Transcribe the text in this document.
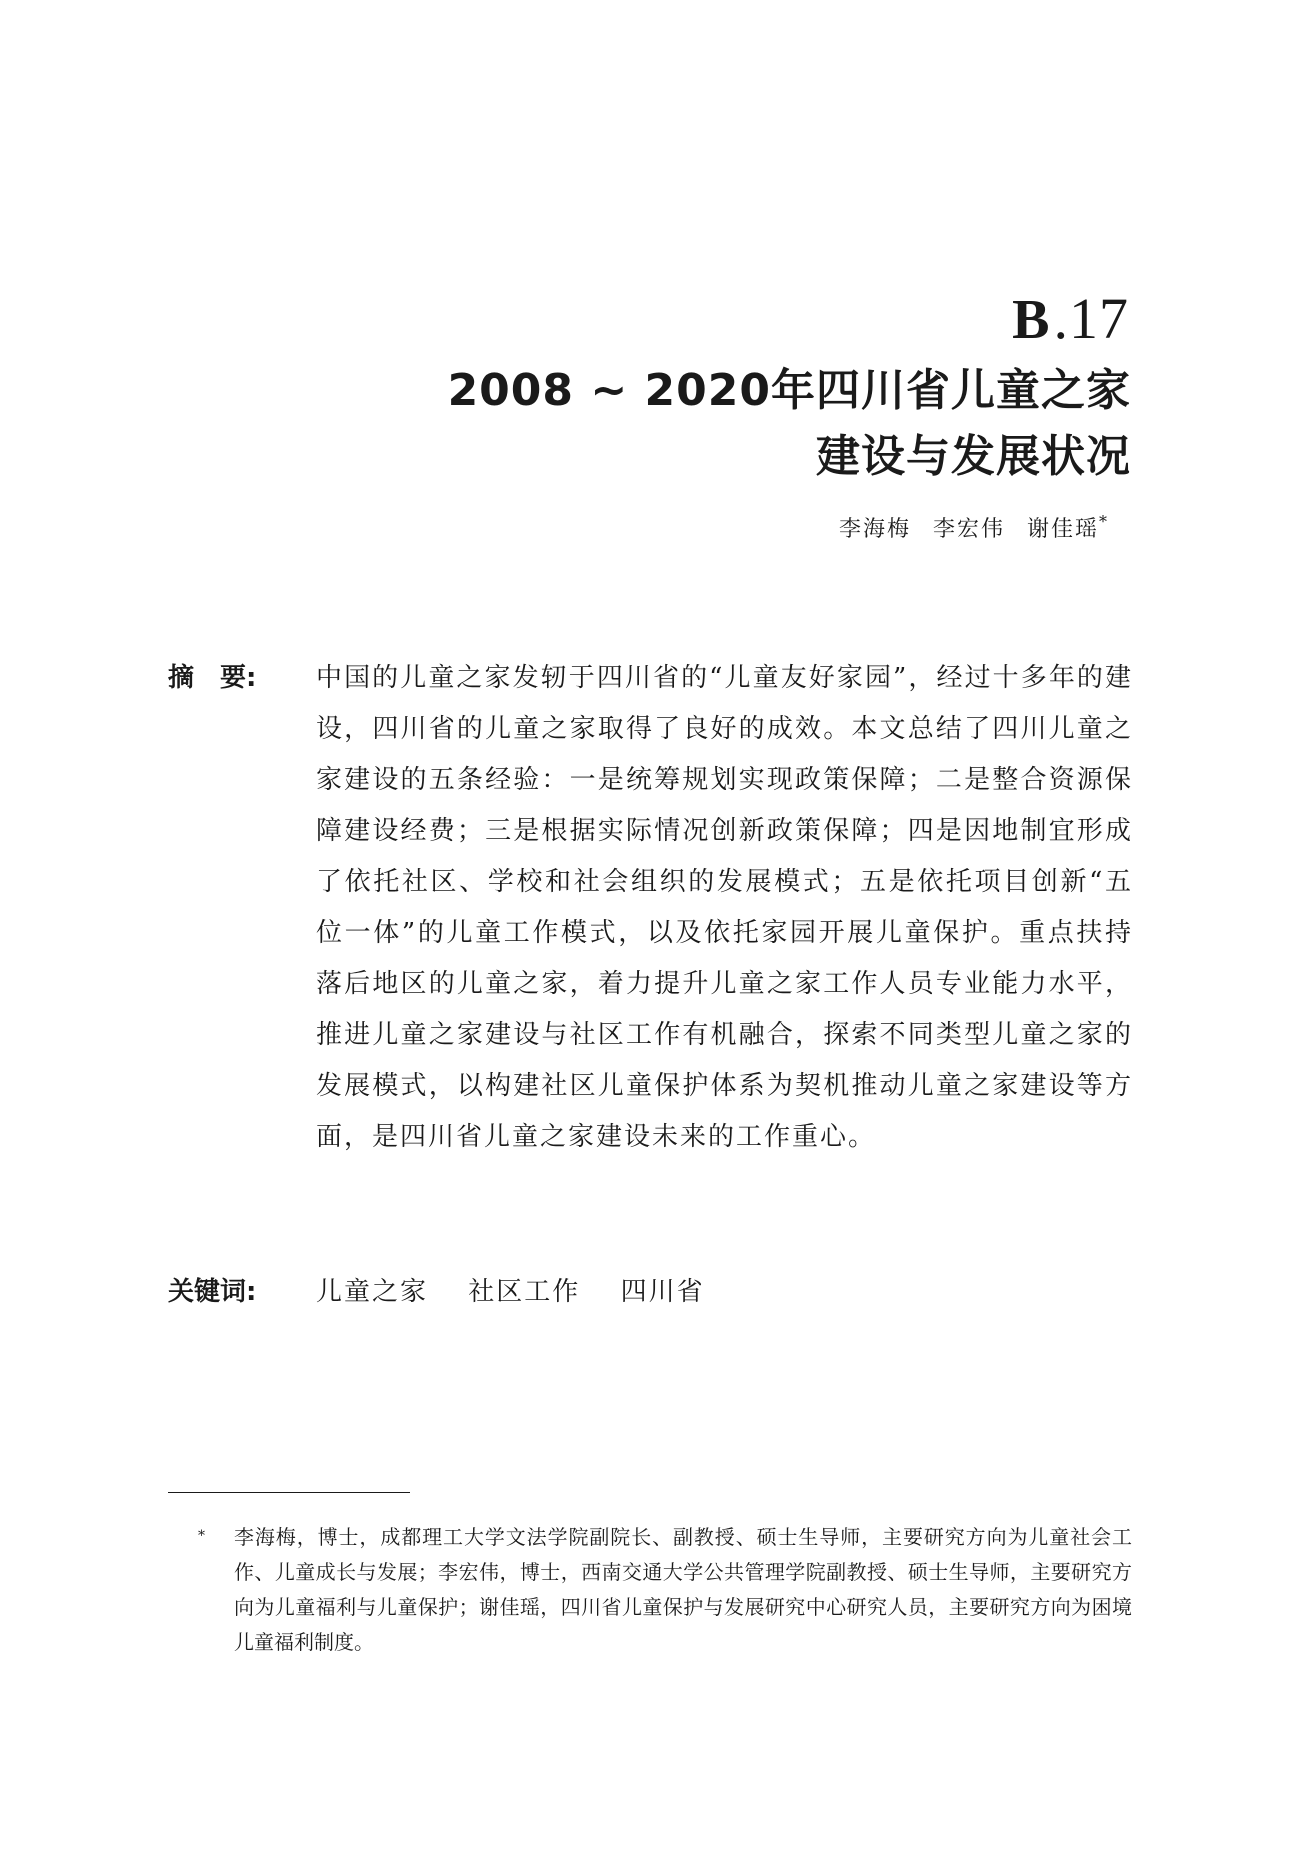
B.17
2008 ~ 2020年四川省儿童之家
建设与发展状况
李海梅 李宏伟 谢佳瑶*
摘 要: 中国的儿童之家发轫于四川省的“儿童友好家园”，经过十多年的建设，四川省的儿童之家取得了良好的成效。本文总结了四川儿童之家建设的五条经验：一是统筹规划实现政策保障；二是整合资源保障建设经费；三是根据实际情况创新政策保障；四是因地制宜形成了依托社区、学校和社会组织的发展模式；五是依托项目创新“五位一体”的儿童工作模式，以及依托家园开展儿童保护。重点扶持落后地区的儿童之家，着力提升儿童之家工作人员专业能力水平，推进儿童之家建设与社区工作有机融合，探索不同类型儿童之家的发展模式，以构建社区儿童保护体系为契机推动儿童之家建设等方面，是四川省儿童之家建设未来的工作重心。

关键词: 儿童之家 社区工作 四川省
* 李海梅，博士，成都理工大学文法学院副院长、副教授、硕士生导师，主要研究方向为儿童社会工作、儿童成长与发展；李宏伟，博士，西南交通大学公共管理学院副教授、硕士生导师，主要研究方向为儿童福利与儿童保护；谢佳瑶，四川省儿童保护与发展研究中心研究人员，主要研究方向为困境儿童福利制度。
